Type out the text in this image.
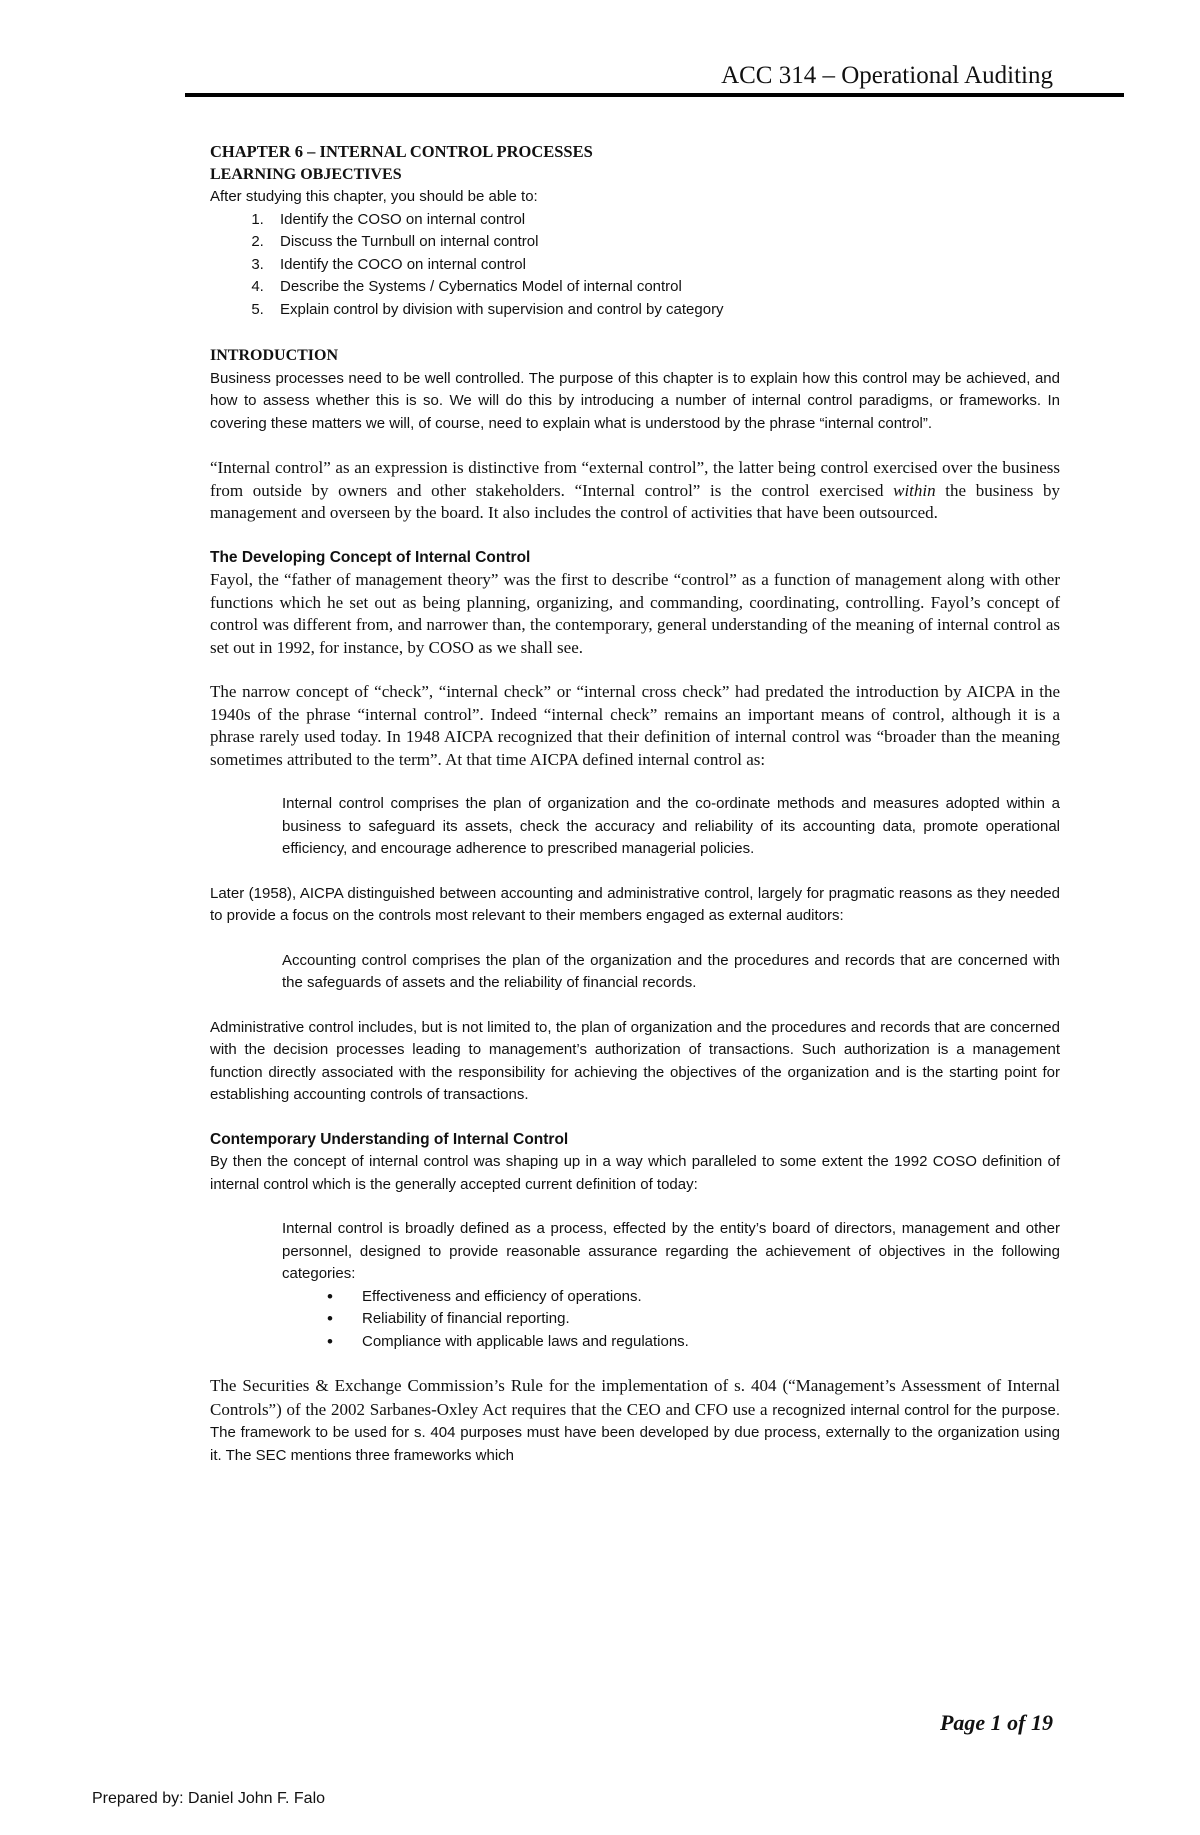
ACC 314 – Operational Auditing

CHAPTER 6 – INTERNAL CONTROL PROCESSES

LEARNING OBJECTIVES

After studying this chapter, you should be able to:

1. Identify the COSO on internal control
2. Discuss the Turnbull on internal control
3. Identify the COCO on internal control
4. Describe the Systems / Cybernatics Model of internal control
5. Explain control by division with supervision and control by category

INTRODUCTION

Business processes need to be well controlled. The purpose of this chapter is to explain how this control may be achieved, and how to assess whether this is so. We will do this by introducing a number of internal control paradigms, or frameworks. In covering these matters we will, of course, need to explain what is understood by the phrase “internal control”.

“Internal control” as an expression is distinctive from “external control”, the latter being control exercised over the business from outside by owners and other stakeholders. “Internal control” is the control exercised within the business by management and overseen by the board. It also includes the control of activities that have been outsourced.

The Developing Concept of Internal Control

Fayol, the “father of management theory” was the first to describe “control” as a function of management along with other functions which he set out as being planning, organizing, and commanding, coordinating, controlling. Fayol’s concept of control was different from, and narrower than, the contemporary, general understanding of the meaning of internal control as set out in 1992, for instance, by COSO as we shall see.

The narrow concept of “check”, “internal check” or “internal cross check” had predated the introduction by AICPA in the 1940s of the phrase “internal control”. Indeed “internal check” remains an important means of control, although it is a phrase rarely used today. In 1948 AICPA recognized that their definition of internal control was “broader than the meaning sometimes attributed to the term”. At that time AICPA defined internal control as:

Internal control comprises the plan of organization and the co-ordinate methods and measures adopted within a business to safeguard its assets, check the accuracy and reliability of its accounting data, promote operational efficiency, and encourage adherence to prescribed managerial policies.

Later (1958), AICPA distinguished between accounting and administrative control, largely for pragmatic reasons as they needed to provide a focus on the controls most relevant to their members engaged as external auditors:

Accounting control comprises the plan of the organization and the procedures and records that are concerned with the safeguards of assets and the reliability of financial records.

Administrative control includes, but is not limited to, the plan of organization and the procedures and records that are concerned with the decision processes leading to management’s authorization of transactions. Such authorization is a management function directly associated with the responsibility for achieving the objectives of the organization and is the starting point for establishing accounting controls of transactions.

Contemporary Understanding of Internal Control

By then the concept of internal control was shaping up in a way which paralleled to some extent the 1992 COSO definition of internal control which is the generally accepted current definition of today:

Internal control is broadly defined as a process, effected by the entity’s board of directors, management and other personnel, designed to provide reasonable assurance regarding the achievement of objectives in the following categories:

• Effectiveness and efficiency of operations.
• Reliability of financial reporting.
• Compliance with applicable laws and regulations.

The Securities & Exchange Commission’s Rule for the implementation of s. 404 (“Management’s Assessment of Internal Controls”) of the 2002 Sarbanes-Oxley Act requires that the CEO and CFO use a recognized internal control for the purpose. The framework to be used for s. 404 purposes must have been developed by due process, externally to the organization using it. The SEC mentions three frameworks which

Page 1 of 19
Prepared by: Daniel John F. Falo
